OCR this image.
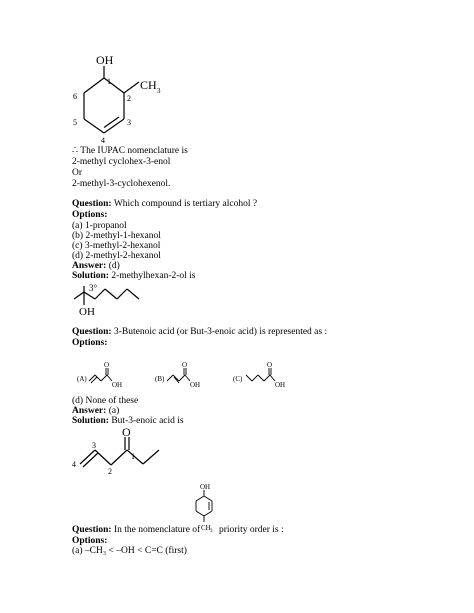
OH
CH 3
1
2
3
4
5
6
∴ The IUPAC nomenclature is
2-methyl cyclohex-3-enol
Or
2-methyl-3-cyclohexenol.
Question: Which compound is tertiary alcohol ?
Options:
(a) 1-propanol
(b) 2-methyl-1-hexanol
(c) 3-methyl-2-hexanol
(d) 2-methyl-2-hexanol
Answer: (d)
Solution: 2-methylhexan-2-ol is
3°
OH
Question: 3-Butenoic acid (or But-3-enoic acid) is represented as :
Options:
(A)
O
OH
(B)
O
OH
(C)
O
OH
(d) None of these
Answer: (a)
Solution: But-3-enoic acid is
O
1
2
3
4
Question: In the nomenclature of priority order is :
OH
CH 3
Options:
(a) –CH₃ < –OH < C=C (first)
